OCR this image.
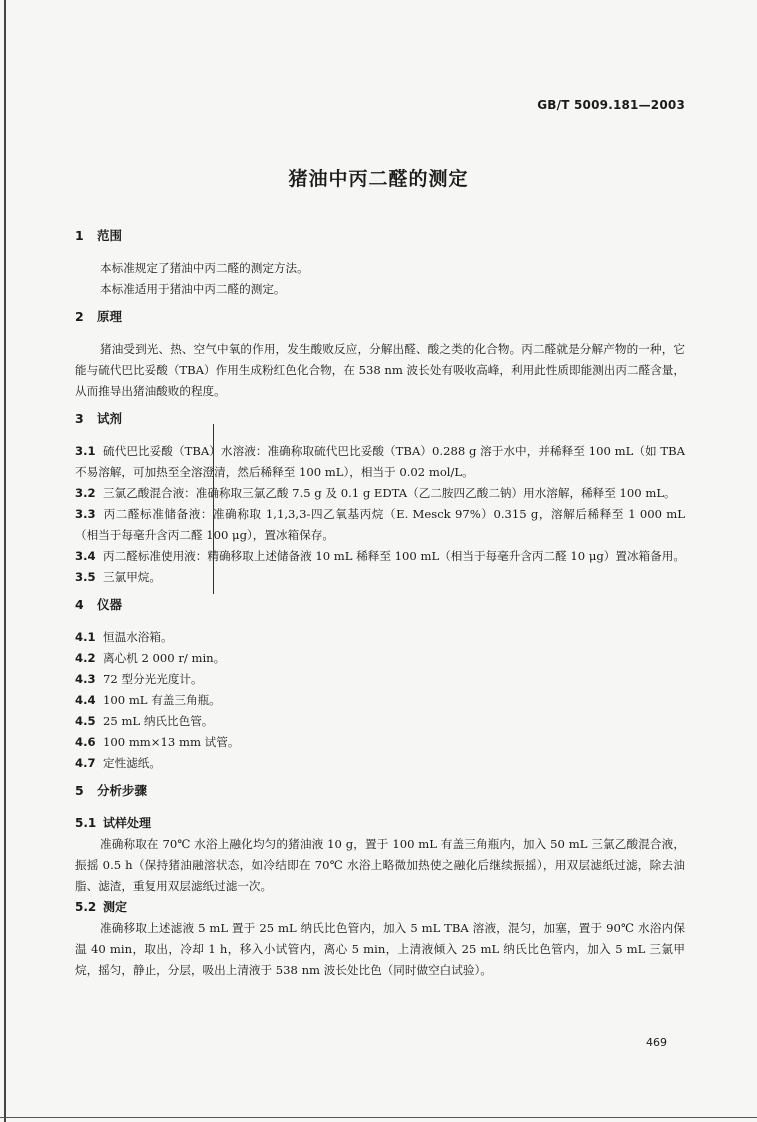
GB/T 5009.181—2003
猪油中丙二醛的测定
1 范围

本标准规定了猪油中丙二醛的测定方法。

本标准适用于猪油中丙二醛的测定。

2 原理

猪油受到光、热、空气中氧的作用，发生酸败反应，分解出醛、酸之类的化合物。丙二醛就是分解产物的一种，它能与硫代巴比妥酸（TBA）作用生成粉红色化合物，在 538 nm 波长处有吸收高峰，利用此性质即能测出丙二醛含量，从而推导出猪油酸败的程度。

3 试剂

3.1 硫代巴比妥酸（TBA）水溶液：准确称取硫代巴比妥酸（TBA）0.288 g 溶于水中，并稀释至 100 mL（如 TBA 不易溶解，可加热至全溶澄清，然后稀释至 100 mL），相当于 0.02 mol/L。

3.2 三氯乙酸混合液：准确称取三氯乙酸 7.5 g 及 0.1 g EDTA（乙二胺四乙酸二钠）用水溶解，稀释至 100 mL。

3.3 丙二醛标准储备液：准确称取 1,1,3,3-四乙氧基丙烷（E. Mesck 97%）0.315 g，溶解后稀释至 1 000 mL（相当于每毫升含丙二醛 100 μg），置冰箱保存。

3.4 丙二醛标准使用液：精确移取上述储备液 10 mL 稀释至 100 mL（相当于每毫升含丙二醛 10 μg）置冰箱备用。

3.5 三氯甲烷。

4 仪器

4.1 恒温水浴箱。

4.2 离心机 2 000 r/ min。

4.3 72 型分光光度计。

4.4 100 mL 有盖三角瓶。

4.5 25 mL 纳氏比色管。

4.6 100 mm×13 mm 试管。

4.7 定性滤纸。

5 分析步骤

5.1 试样处理

准确称取在 70℃ 水浴上融化均匀的猪油液 10 g，置于 100 mL 有盖三角瓶内，加入 50 mL 三氯乙酸混合液，振摇 0.5 h（保持猪油融溶状态，如冷结即在 70℃ 水浴上略微加热使之融化后继续振摇），用双层滤纸过滤，除去油脂、滤渣，重复用双层滤纸过滤一次。

5.2 测定

准确移取上述滤液 5 mL 置于 25 mL 纳氏比色管内，加入 5 mL TBA 溶液，混匀，加塞，置于 90℃ 水浴内保温 40 min，取出，冷却 1 h，移入小试管内，离心 5 min，上清液倾入 25 mL 纳氏比色管内，加入 5 mL 三氯甲烷，摇匀，静止，分层，吸出上清液于 538 nm 波长处比色（同时做空白试验）。

469
